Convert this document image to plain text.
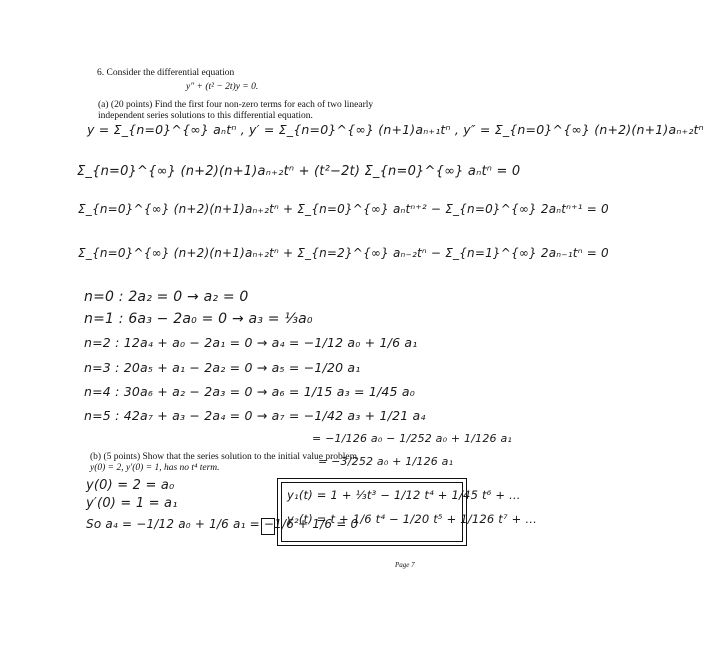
6. Consider the differential equation
y″ + (t² − 2t)y = 0.
(a) (20 points) Find the first four non-zero terms for each of two linearly
independent series solutions to this differential equation.
y = Σ_{n=0}^{∞} aₙtⁿ , y′ = Σ_{n=0}^{∞} (n+1)aₙ₊₁tⁿ , y″ = Σ_{n=0}^{∞} (n+2)(n+1)aₙ₊₂tⁿ
Σ_{n=0}^{∞} (n+2)(n+1)aₙ₊₂tⁿ + (t²−2t) Σ_{n=0}^{∞} aₙtⁿ = 0
Σ_{n=0}^{∞} (n+2)(n+1)aₙ₊₂tⁿ + Σ_{n=0}^{∞} aₙtⁿ⁺² − Σ_{n=0}^{∞} 2aₙtⁿ⁺¹ = 0
Σ_{n=0}^{∞} (n+2)(n+1)aₙ₊₂tⁿ + Σ_{n=2}^{∞} aₙ₋₂tⁿ − Σ_{n=1}^{∞} 2aₙ₋₁tⁿ = 0
n=0 : 2a₂ = 0 → a₂ = 0
n=1 : 6a₃ − 2a₀ = 0 → a₃ = ⅓a₀
n=2 : 12a₄ + a₀ − 2a₁ = 0 → a₄ = −1/12 a₀ + 1/6 a₁
n=3 : 20a₅ + a₁ − 2a₂ = 0 → a₅ = −1/20 a₁
n=4 : 30a₆ + a₂ − 2a₃ = 0 → a₆ = 1/15 a₃ = 1/45 a₀
n=5 : 42a₇ + a₃ − 2a₄ = 0 → a₇ = −1/42 a₃ + 1/21 a₄
= −1/126 a₀ − 1/252 a₀ + 1/126 a₁
(b) (5 points) Show that the series solution to the initial value problem
y(0) = 2, y′(0) = 1, has no t⁴ term.	= −3/252 a₀ + 1/126 a₁
y(0) = 2 = a₀
y′(0) = 1 = a₁
So a₄ = −1/12 a₀ + 1/6 a₁ = −1/6 + 1/6 = 0
y₁(t) = 1 + ⅓t³ − 1/12 t⁴ + 1/45 t⁶ + …
y₂(t) = t + 1/6 t⁴ − 1/20 t⁵ + 1/126 t⁷ + …
Page 7
